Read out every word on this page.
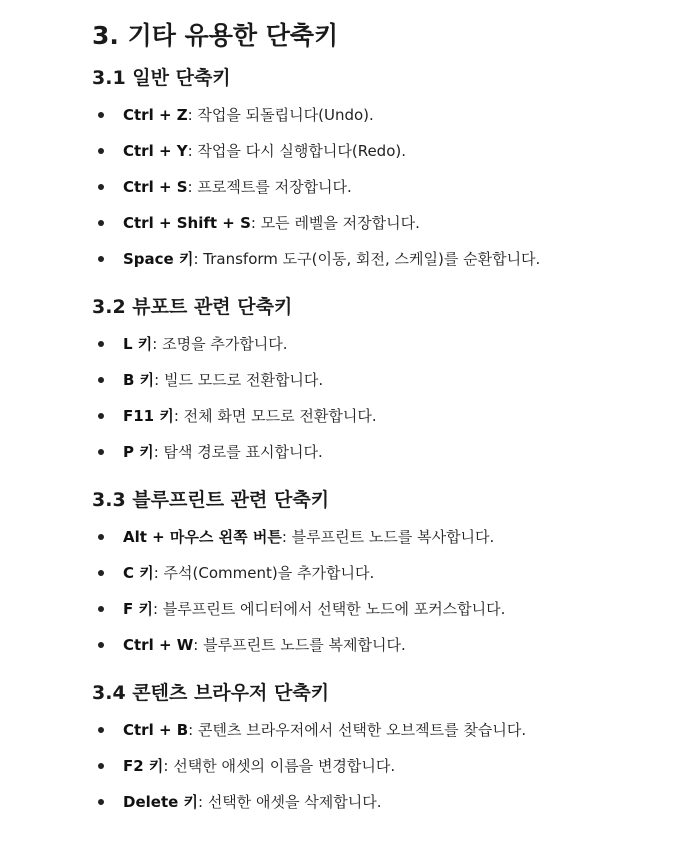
3. 기타 유용한 단축키
3.1 일반 단축키
Ctrl + Z: 작업을 되돌립니다(Undo).
Ctrl + Y: 작업을 다시 실행합니다(Redo).
Ctrl + S: 프로젝트를 저장합니다.
Ctrl + Shift + S: 모든 레벨을 저장합니다.
Space 키: Transform 도구(이동, 회전, 스케일)를 순환합니다.
3.2 뷰포트 관련 단축키
L 키: 조명을 추가합니다.
B 키: 빌드 모드로 전환합니다.
F11 키: 전체 화면 모드로 전환합니다.
P 키: 탐색 경로를 표시합니다.
3.3 블루프린트 관련 단축키
Alt + 마우스 왼쪽 버튼: 블루프린트 노드를 복사합니다.
C 키: 주석(Comment)을 추가합니다.
F 키: 블루프린트 에디터에서 선택한 노드에 포커스합니다.
Ctrl + W: 블루프린트 노드를 복제합니다.
3.4 콘텐츠 브라우저 단축키
Ctrl + B: 콘텐츠 브라우저에서 선택한 오브젝트를 찾습니다.
F2 키: 선택한 애셋의 이름을 변경합니다.
Delete 키: 선택한 애셋을 삭제합니다.
